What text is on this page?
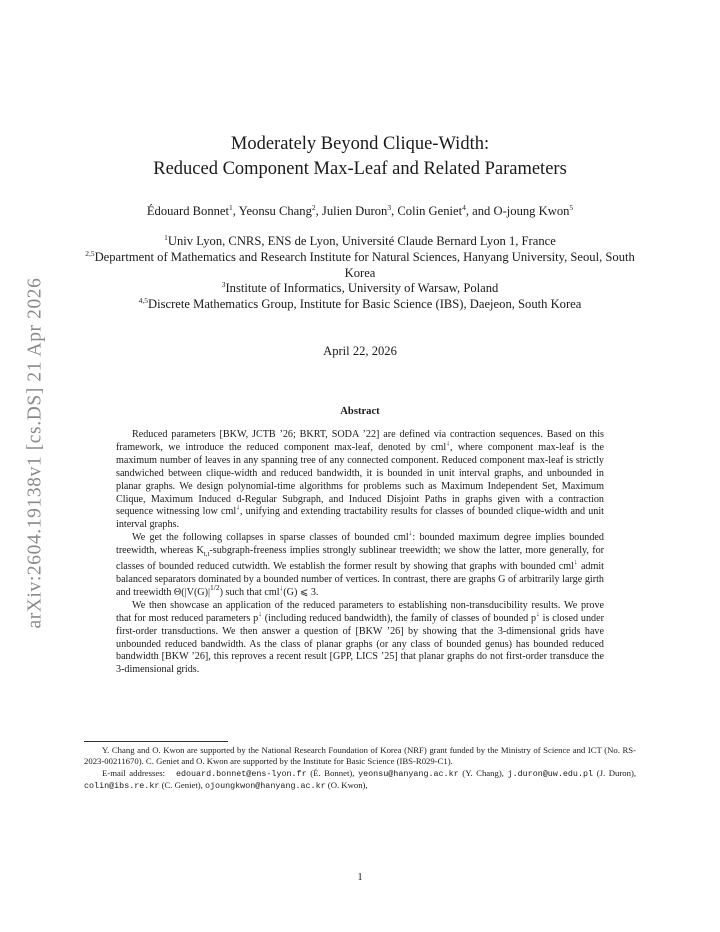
arXiv:2604.19138v1 [cs.DS] 21 Apr 2026
Moderately Beyond Clique-Width:
Reduced Component Max-Leaf and Related Parameters
Édouard Bonnet$^1$, Yeonsu Chang$^2$, Julien Duron$^3$, Colin Geniet$^4$, and O-joung Kwon$^5$
$^1$Univ Lyon, CNRS, ENS de Lyon, Université Claude Bernard Lyon 1, France
$^{2,5}$Department of Mathematics and Research Institute for Natural Sciences, Hanyang University, Seoul, South Korea
$^3$Institute of Informatics, University of Warsaw, Poland
$^{4,5}$Discrete Mathematics Group, Institute for Basic Science (IBS), Daejeon, South Korea
April 22, 2026
Abstract

Reduced parameters [BKW, JCTB ’26; BKRT, SODA ’22] are defined via contraction sequences. Based on this framework, we introduce the reduced component max-leaf, denoted by cml↓, where component max-leaf is the maximum number of leaves in any spanning tree of any connected component. Reduced component max-leaf is strictly sandwiched between clique-width and reduced bandwidth, it is bounded in unit interval graphs, and unbounded in planar graphs. We design polynomial-time algorithms for problems such as Maximum Independent Set, Maximum Clique, Maximum Induced d-Regular Subgraph, and Induced Disjoint Paths in graphs given with a contraction sequence witnessing low cml↓, unifying and extending tractability results for classes of bounded clique-width and unit interval graphs.

We get the following collapses in sparse classes of bounded cml↓: bounded maximum degree implies bounded treewidth, whereas $K_{t,t}-subgraph$-freeness implies strongly sublinear treewidth; we show the latter, more generally, for classes of bounded reduced cutwidth. We establish the former result by showing that graphs with bounded cml↓ admit balanced separators dominated by a bounded number of vertices. In contrast, there are graphs G of arbitrarily large girth and treewidth $\Theta(|V(G)|^{1/2})$ such that cml↓(G) ⩽ 3.

We then showcase an application of the reduced parameters to establishing non-transducibility results. We prove that for most reduced parameters p↓ (including reduced bandwidth), the family of classes of bounded p↓ is closed under first-order transductions. We then answer a question of [BKW ’26] by showing that the 3-dimensional grids have unbounded reduced bandwidth. As the class of planar graphs (or any class of bounded genus) has bounded reduced bandwidth [BKW ’26], this reproves a recent result [GPP, LICS ’25] that planar graphs do not first-order transduce the 3-dimensional grids.

Y. Chang and O. Kwon are supported by the National Research Foundation of Korea (NRF) grant funded by the Ministry of Science and ICT (No. RS-2023-00211670). C. Geniet and O. Kwon are supported by the Institute for Basic Science (IBS-R029-C1).

E-mail addresses: edouard.bonnet@ens-lyon.fr (É. Bonnet), yeonsu@hanyang.ac.kr (Y. Chang), j.duron@uw.edu.pl (J. Duron), colin@ibs.re.kr (C. Geniet), ojoungkwon@hanyang.ac.kr (O. Kwon),

1
